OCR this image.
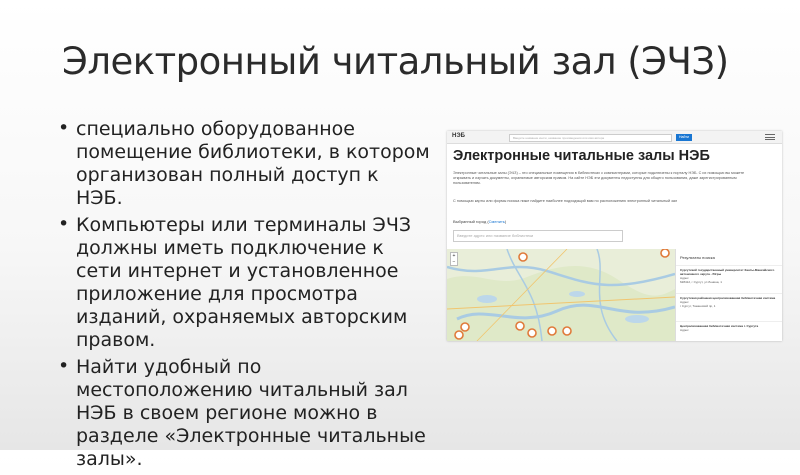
Электронный читальный зал (ЭЧЗ)
• специально оборудованное помещение библиотеки, в котором организован полный доступ к НЭБ.
• Компьютеры или терминалы ЭЧЗ должны иметь подключение к сети интернет и установленное приложение для просмотра изданий, охраняемых авторским правом.
• Найти удобный по местоположению читальный зал НЭБ в своем регионе можно в разделе «Электронные читальные залы».
НЭБ	Введите название книги, название произведения или имя автора	Найти
Электронные читальные залы НЭБ
Электронные читальные залы (ЭЧЗ) – это специальные помещения в библиотеках с компьютерами, которые подключены к порталу НЭБ. С их помощью вы можете открывать и изучать документы, охраняемые авторским правом. На сайте НЭБ эти документы недоступны для общего пользования, даже зарегистрированным пользователям.
С помощью карты или формы поиска ниже найдите наиболее подходящий вам по расположению электронный читальный зал
Выбранный город (Сменить)
Введите адрес или название библиотеки
+
−
Результаты поиска
Сургутский государственный университет Ханты-Мансийского автономного округа - Югры
Адрес
628412, г Сургут, ул Ленина, 1
Сургутская районная централизованная библиотечная система
Адрес
г Сургут, Тюменский пр, 1
Централизованная библиотечная система г. Сургута
Адрес
